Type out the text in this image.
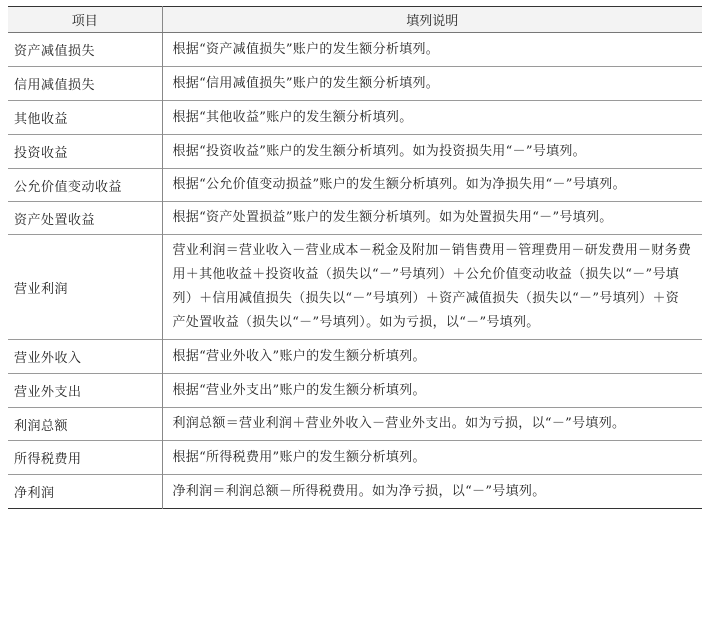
项目	填列说明
资产减值损失	根据“资产减值损失”账户的发生额分析填列。
信用减值损失	根据“信用减值损失”账户的发生额分析填列。
其他收益	根据“其他收益”账户的发生额分析填列。
投资收益	根据“投资收益”账户的发生额分析填列。如为投资损失用“－”号填列。
公允价值变动收益	根据“公允价值变动损益”账户的发生额分析填列。如为净损失用“－”号填列。
资产处置收益	根据“资产处置损益”账户的发生额分析填列。如为处置损失用“－”号填列。
营业利润	营业利润＝营业收入－营业成本－税金及附加－销售费用－管理费用－研发费用－财务费用＋其他收益＋投资收益（损失以“－”号填列）＋公允价值变动收益（损失以“－”号填列）＋信用减值损失（损失以“－”号填列）＋资产减值损失（损失以“－”号填列）＋资产处置收益（损失以“－”号填列）。如为亏损，以“－”号填列。
营业外收入	根据“营业外收入”账户的发生额分析填列。
营业外支出	根据“营业外支出”账户的发生额分析填列。
利润总额	利润总额＝营业利润＋营业外收入－营业外支出。如为亏损，以“－”号填列。
所得税费用	根据“所得税费用”账户的发生额分析填列。
净利润	净利润＝利润总额－所得税费用。如为净亏损，以“－”号填列。
